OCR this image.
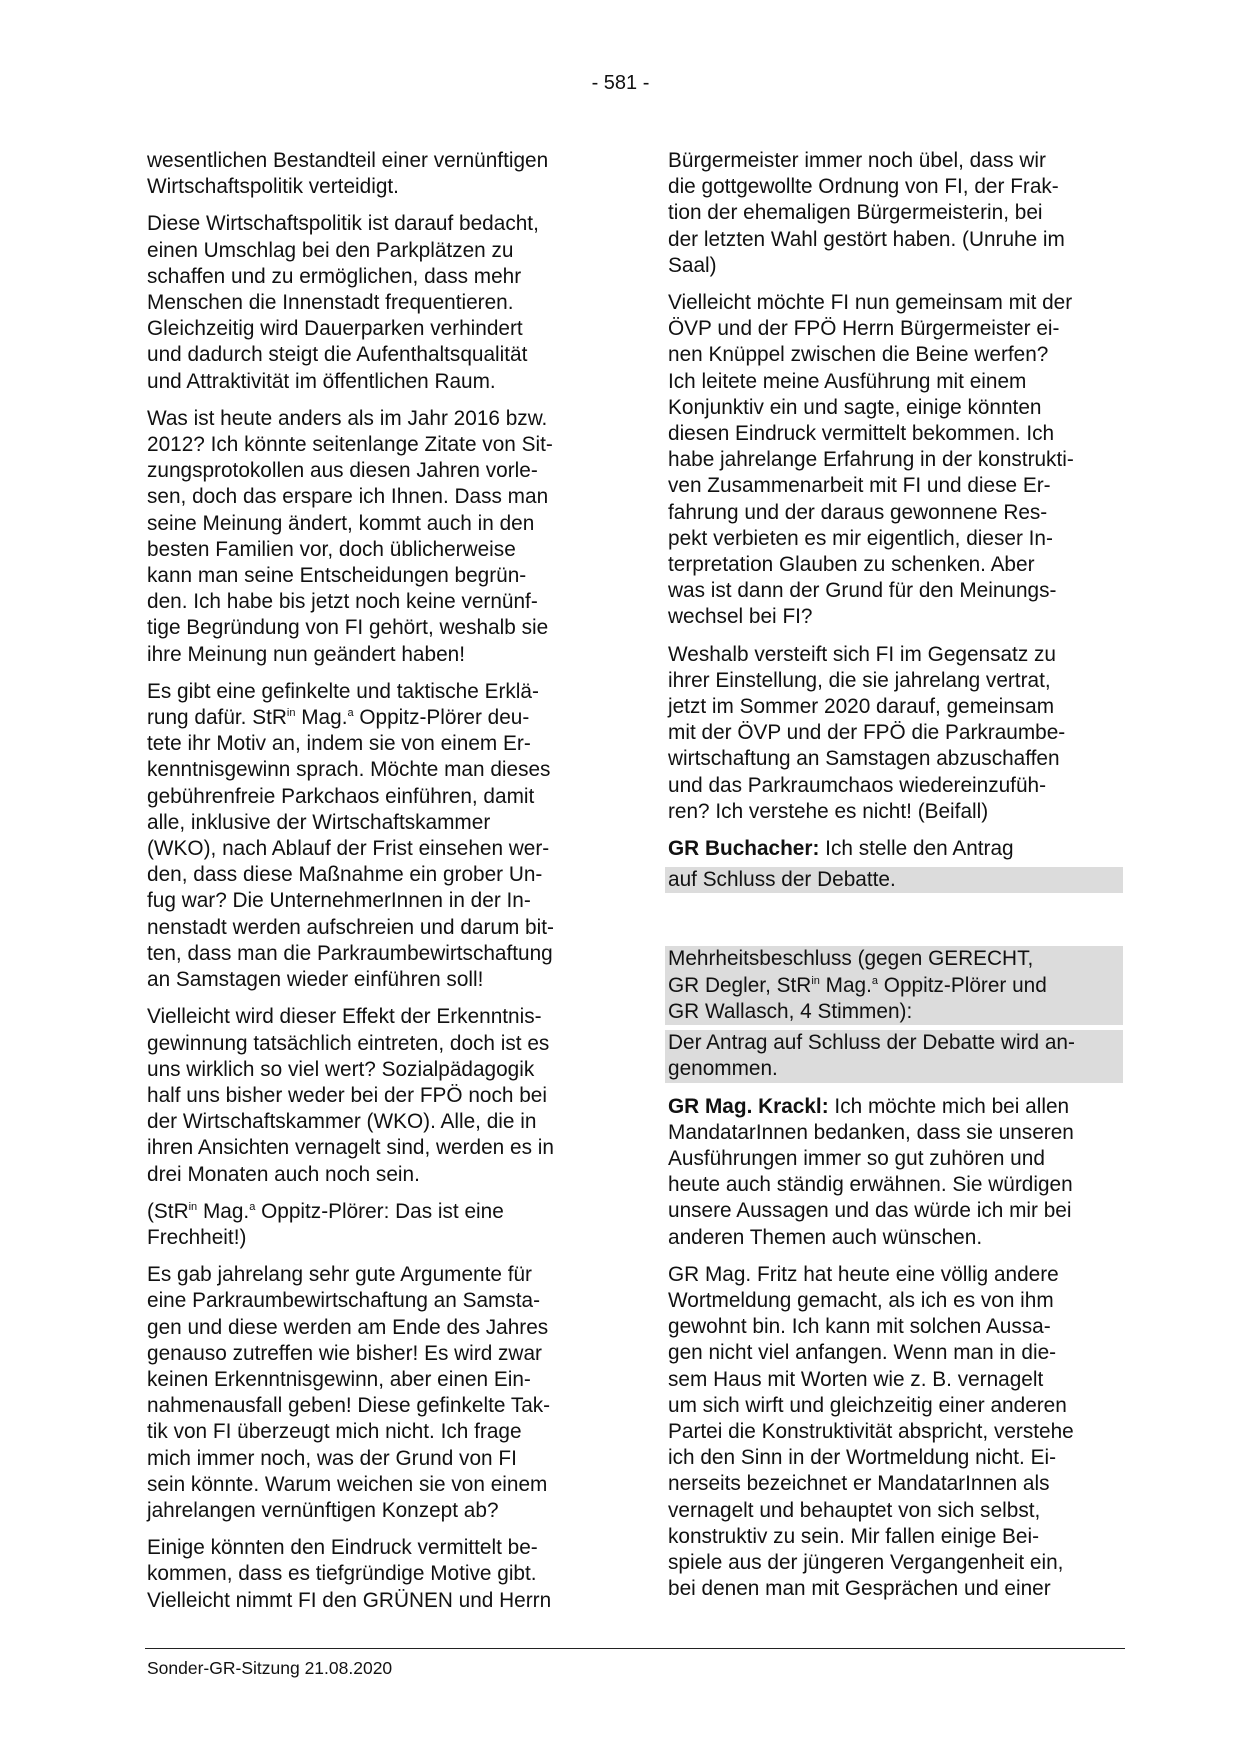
- 581 -

wesentlichen Bestandteil einer vernünftigen
Wirtschaftspolitik verteidigt.

Diese Wirtschaftspolitik ist darauf bedacht,
einen Umschlag bei den Parkplätzen zu
schaffen und zu ermöglichen, dass mehr
Menschen die Innenstadt frequentieren.
Gleichzeitig wird Dauerparken verhindert
und dadurch steigt die Aufenthaltsqualität
und Attraktivität im öffentlichen Raum.

Was ist heute anders als im Jahr 2016 bzw.
2012? Ich könnte seitenlange Zitate von Sit-
zungsprotokollen aus diesen Jahren vorle-
sen, doch das erspare ich Ihnen. Dass man
seine Meinung ändert, kommt auch in den
besten Familien vor, doch üblicherweise
kann man seine Entscheidungen begrün-
den. Ich habe bis jetzt noch keine vernünf-
tige Begründung von FI gehört, weshalb sie
ihre Meinung nun geändert haben!

Es gibt eine gefinkelte und taktische Erklä-
rung dafür. StR$^{in}$ Mag.$^a$ Oppitz-Plörer deu-
tete ihr Motiv an, indem sie von einem Er-
kenntnisgewinn sprach. Möchte man dieses
gebührenfreie Parkchaos einführen, damit
alle, inklusive der Wirtschaftskammer
(WKO), nach Ablauf der Frist einsehen wer-
den, dass diese Maßnahme ein grober Un-
fug war? Die UnternehmerInnen in der In-
nenstadt werden aufschreien und darum bit-
ten, dass man die Parkraumbewirtschaftung
an Samstagen wieder einführen soll!

Vielleicht wird dieser Effekt der Erkenntnis-
gewinnung tatsächlich eintreten, doch ist es
uns wirklich so viel wert? Sozialpädagogik
half uns bisher weder bei der FPÖ noch bei
der Wirtschaftskammer (WKO). Alle, die in
ihren Ansichten vernagelt sind, werden es in
drei Monaten auch noch sein.

(StR$^{in}$ Mag.$^a$ Oppitz-Plörer: Das ist eine
Frechheit!)

Es gab jahrelang sehr gute Argumente für
eine Parkraumbewirtschaftung an Samsta-
gen und diese werden am Ende des Jahres
genauso zutreffen wie bisher! Es wird zwar
keinen Erkenntnisgewinn, aber einen Ein-
nahmenausfall geben! Diese gefinkelte Tak-
tik von FI überzeugt mich nicht. Ich frage
mich immer noch, was der Grund von FI
sein könnte. Warum weichen sie von einem
jahrelangen vernünftigen Konzept ab?

Einige könnten den Eindruck vermittelt be-
kommen, dass es tiefgründige Motive gibt.
Vielleicht nimmt FI den GRÜNEN und Herrn

Bürgermeister immer noch übel, dass wir
die gottgewollte Ordnung von FI, der Frak-
tion der ehemaligen Bürgermeisterin, bei
der letzten Wahl gestört haben. (Unruhe im
Saal)

Vielleicht möchte FI nun gemeinsam mit der
ÖVP und der FPÖ Herrn Bürgermeister ei-
nen Knüppel zwischen die Beine werfen?
Ich leitete meine Ausführung mit einem
Konjunktiv ein und sagte, einige könnten
diesen Eindruck vermittelt bekommen. Ich
habe jahrelange Erfahrung in der konstrukti-
ven Zusammenarbeit mit FI und diese Er-
fahrung und der daraus gewonnene Res-
pekt verbieten es mir eigentlich, dieser In-
terpretation Glauben zu schenken. Aber
was ist dann der Grund für den Meinungs-
wechsel bei FI?

Weshalb versteift sich FI im Gegensatz zu
ihrer Einstellung, die sie jahrelang vertrat,
jetzt im Sommer 2020 darauf, gemeinsam
mit der ÖVP und der FPÖ die Parkraumbe-
wirtschaftung an Samstagen abzuschaffen
und das Parkraumchaos wiedereinzufüh-
ren? Ich verstehe es nicht! (Beifall)

GR Buchacher: Ich stelle den Antrag

auf Schluss der Debatte.

Mehrheitsbeschluss (gegen GERECHT,
GR Degler, StR$^{in}$ Mag.$^a$ Oppitz-Plörer und
GR Wallasch, 4 Stimmen):

Der Antrag auf Schluss der Debatte wird an-
genommen.

GR Mag. Krackl: Ich möchte mich bei allen
MandatarInnen bedanken, dass sie unseren
Ausführungen immer so gut zuhören und
heute auch ständig erwähnen. Sie würdigen
unsere Aussagen und das würde ich mir bei
anderen Themen auch wünschen.

GR Mag. Fritz hat heute eine völlig andere
Wortmeldung gemacht, als ich es von ihm
gewohnt bin. Ich kann mit solchen Aussa-
gen nicht viel anfangen. Wenn man in die-
sem Haus mit Worten wie z. B. vernagelt
um sich wirft und gleichzeitig einer anderen
Partei die Konstruktivität abspricht, verstehe
ich den Sinn in der Wortmeldung nicht. Ei-
nerseits bezeichnet er MandatarInnen als
vernagelt und behauptet von sich selbst,
konstruktiv zu sein. Mir fallen einige Bei-
spiele aus der jüngeren Vergangenheit ein,
bei denen man mit Gesprächen und einer

Sonder-GR-Sitzung 21.08.2020
